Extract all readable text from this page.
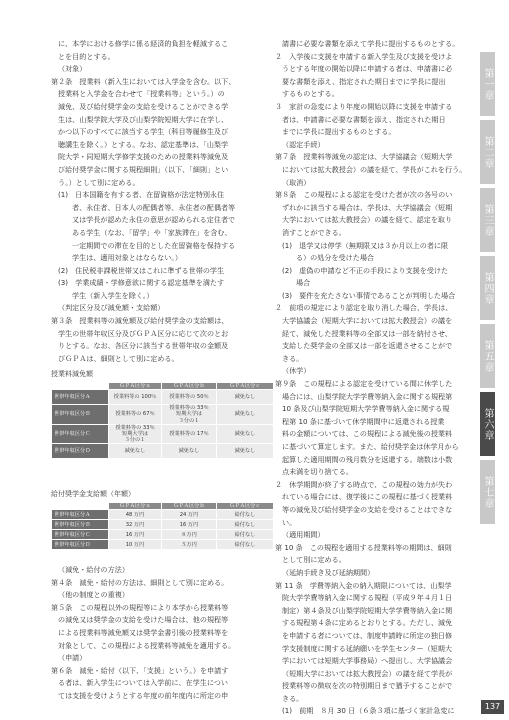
に、本学における修学に係る経済的負担を軽減するこ

とを目的とする。

（対象）

第２条　授業料（新入生においては入学金を含む。以下、

授業料と入学金を合わせて「授業料等」という。）の

減免、及び給付奨学金の支給を受けることができる学

生は、山梨学院大学及び山梨学院短期大学に在学し、

かつ以下のすべてに該当する学生（科目等履修生及び

聴講生を除く。）とする。なお、認定基準は、「山梨学

院大学・同短期大学修学支援のための授業料等減免及

び給付奨学金に関する規程細則」（以下、「細則」とい

う。）として別に定める。

(1)　日本国籍を有する者、在留資格が法定特別永住

者、永住者、日本人の配偶者等、永住者の配偶者等

又は学長が認めた永住の意思が認められる定住者で

ある学生（なお、「留学」や「家族滞在」を含む、

一定期間での滞在を目的とした在留資格を保持する

学生は、適用対象とはならない。）

(2)　住民税非課税世帯又はこれに準ずる世帯の学生

(3)　学業成績・学修意欲に関する認定基準を満たす

学生（新入学生を除く。）

（判定区分及び減免額・支給額）

第３条　授業料等の減免額及び給付奨学金の支給額は、

学生の世帯年収区分及びＧＰＡ区分に応じて次のとお

りとする。なお、各区分に該当する世帯年収の金額及

びＧＰＡは、細則として別に定める。

授業料減免額
	ＧＰＡ区分ａ	ＧＰＡ区分ｂ	ＧＰＡ区分ｃ
世帯年収区分Ａ	授業料等の 100％	授業料等の 50％	減免なし
世帯年収区分Ｂ	授業料等の 67％	授業料等の 33％
短期大学は
３分の１	減免なし
世帯年収区分Ｃ	授業料等の 33％
短期大学は
３分の１	授業料等の 17％	減免なし
世帯年収区分Ｄ	減免なし	減免なし	減免なし
給付奨学金支給額（年額）
	ＧＰＡ区分ａ	ＧＰＡ区分ｂ	ＧＰＡ区分ｃ
世帯年収区分Ａ	48 万円	24 万円	給付なし
世帯年収区分Ｂ	32 万円	16 万円	給付なし
世帯年収区分Ｃ	16 万円	８万円	給付なし
世帯年収区分Ｄ	10 万円	５万円	給付なし

（減免・給付の方法）

第４条　減免・給付の方法は、細則として別に定める。

（他の制度との重複）

第５条　この規程以外の規程等により本学から授業料等

の減免又は奨学金の支給を受けた場合は、他の規程等

による授業料等減免額又は奨学金書引後の授業料等を

対象として、この規程による授業料等減免を適用する。

（申請）

第６条　減免・給付（以下、「支援」という。）を申請す

る者は、新入学生については入学前に、在学生につい

ては支援を受けようとする年度の前年度内に所定の申

請書に必要な書類を添えて学長に提出するものとする。

２　入学後に支援を申請する新入学生及び支援を受けよ

うとする年度の開始以降に申請する者は、申請書に必

要な書類を添え、指定された期日までに学長に提出

するものとする。

３　家計の急変により年度の開始以降に支援を申請する

者は、申請書に必要な書類を添え、指定された期日

までに学長に提出するものとする。

（認定手続）

第７条　授業料等減免の認定は、大学協議会（短期大学

においては拡大教授会）の議を経て、学長がこれを行う。

（取消）

第８条　この規程による認定を受けた者が次の各号のい

ずれかに該当する場合は、学長は、大学協議会（短期

大学においては拡大教授会）の議を経て、認定を取り

消すことができる。

(1)　退学又は停学（無期限又は３か月以上の者に限

る）の処分を受けた場合

(2)　虚偽の申請など不正の手段により支援を受けた

場合

(3)　要件を充たさない事情であることが判明した場合

２　前項の規定により認定を取り消した場合、学長は、

大学協議会（短期大学においては拡大教授会）の議を

経て、減免した授業料等の全部又は一部を納付させ、

支給した奨学金の全部又は一部を返還させることがで

きる。

（休学）

第９条　この規程による認定を受けている間に休学した

場合には、山梨学院大学学費等納入金に関する規程第

10 条及び山梨学院短期大学学費等納入金に関する規

程第 10 条に基づいて休学期間中に返還される授業

料の金額については、この規程による減免後の授業料

に基づいて算定します。また、給付奨学金は休学月から

起算した適用期間の残月数分を返還する。端数は小数

点未満を切り捨てる。

２　休学期間が終了する時点で、この規程の効力が失わ

れている場合には、復学後にこの規程に基づく授業料

等の減免及び給付奨学金の支給を受けることはできな

い。

（適用期間）

第 10 条　この規程を適用する授業料等の期間は、細則

として別に定める。

（延納手続き及び延納期間）

第 11 条　学費等納入金の納入期限については、山梨学

院大学学費等納入金に関する規程（平成９年４月１日

制定）第４条及び山梨学院短期大学学費等納入金に関

する規程第４条に定めるとおりとする。ただし、減免

を申請する者については、制度申請時に所定の独日修

学支援制度に関する延納願いを学生センター（短期大

学においては短期大学事務局）へ提出し、大学協議会

（短期大学においては拡大教授会）の議を経て学長が

授業料等の徴収を次の特別期日まで猶予することがで

きる。

(1)　前期　８月 30 日（６条３項に基づく家計急変に

第一章
第二章
第三章
第四章
第五章
第六章
第七章
137
